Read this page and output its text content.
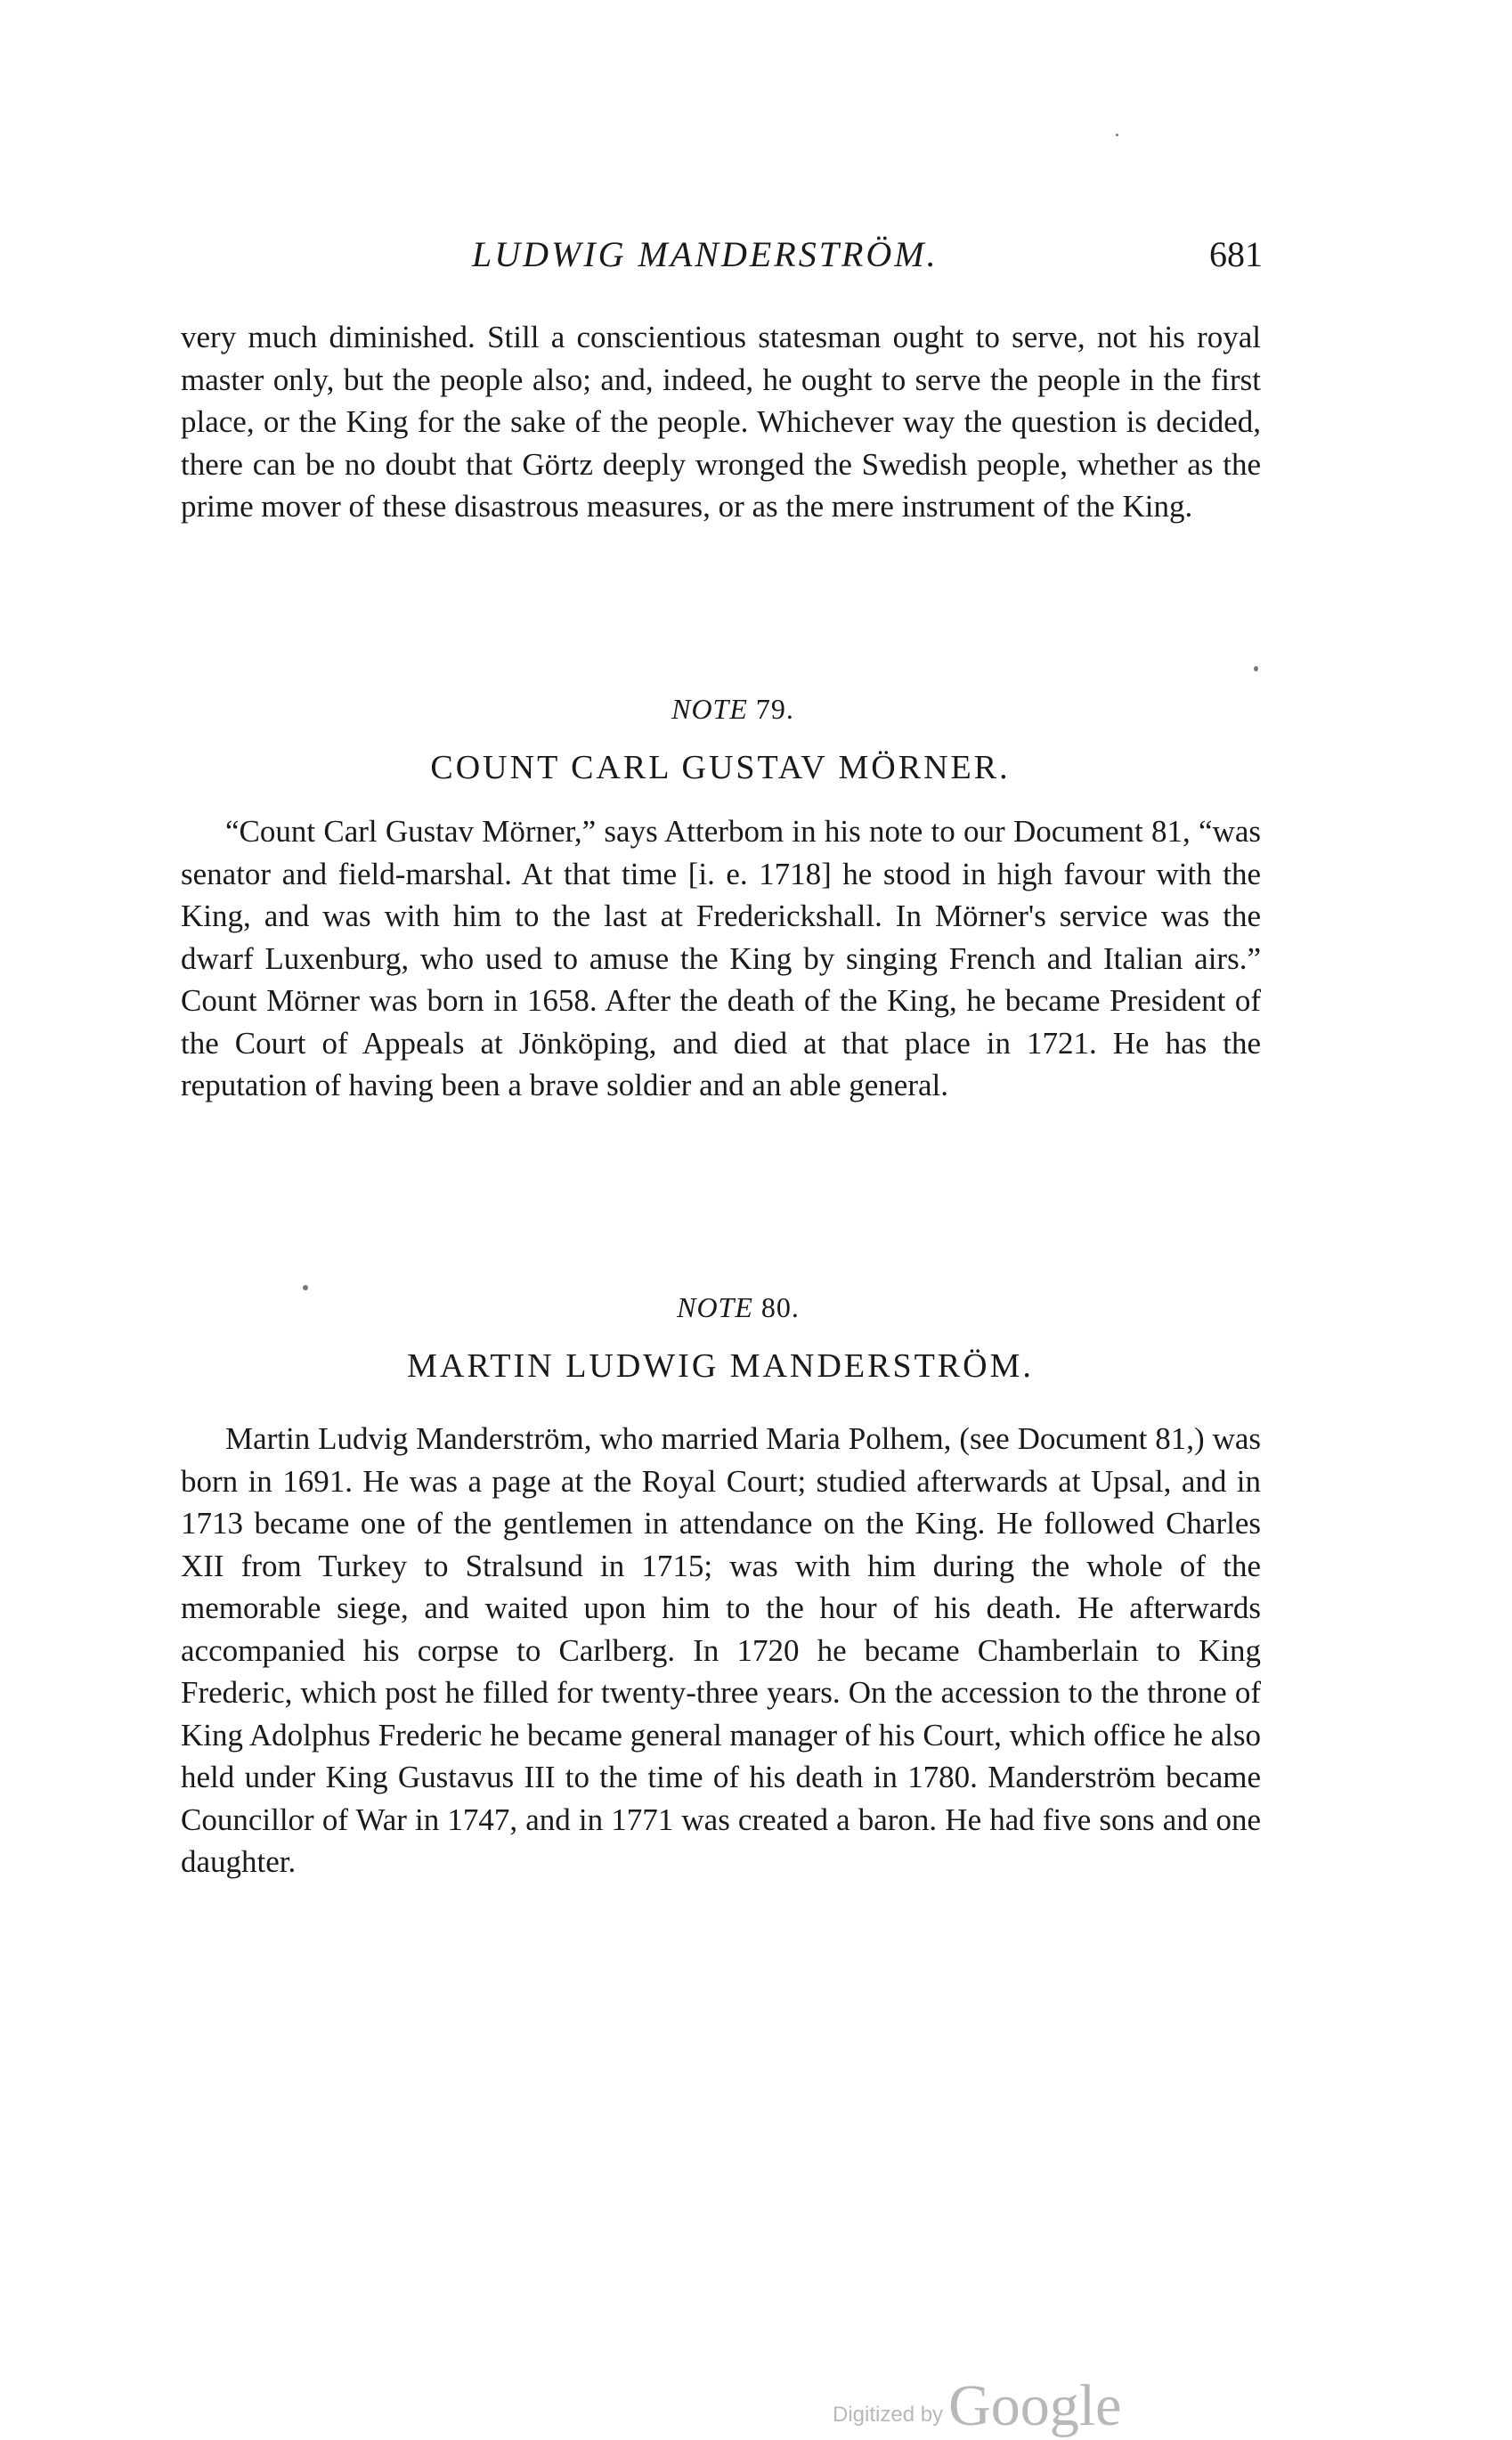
LUDWIG MANDERSTRÖM.	681

very much diminished. Still a conscientious statesman ought to serve, not his royal master only, but the people also; and, indeed, he ought to serve the people in the first place, or the King for the sake of the people. Whichever way the question is decided, there can be no doubt that Görtz deeply wronged the Swedish people, whether as the prime mover of these disastrous measures, or as the mere instrument of the King.

NOTE 79.
COUNT CARL GUSTAV MÖRNER.

“Count Carl Gustav Mörner,” says Atterbom in his note to our Document 81, “was senator and field-marshal. At that time [i. e. 1718] he stood in high favour with the King, and was with him to the last at Frederickshall. In Mörner's service was the dwarf Luxenburg, who used to amuse the King by singing French and Italian airs.” Count Mörner was born in 1658. After the death of the King, he became President of the Court of Appeals at Jönköping, and died at that place in 1721. He has the reputation of having been a brave soldier and an able general.

NOTE 80.
MARTIN LUDWIG MANDERSTRÖM.

Martin Ludvig Manderström, who married Maria Polhem, (see Document 81,) was born in 1691. He was a page at the Royal Court; studied afterwards at Upsal, and in 1713 became one of the gentlemen in attendance on the King. He followed Charles XII from Turkey to Stralsund in 1715; was with him during the whole of the memorable siege, and waited upon him to the hour of his death. He afterwards accompanied his corpse to Carlberg. In 1720 he became Chamberlain to King Frederic, which post he filled for twenty-three years. On the accession to the throne of King Adolphus Frederic he became general manager of his Court, which office he also held under King Gustavus III to the time of his death in 1780. Manderström became Councillor of War in 1747, and in 1771 was created a baron. He had five sons and one daughter.

Digitized byGoogle
